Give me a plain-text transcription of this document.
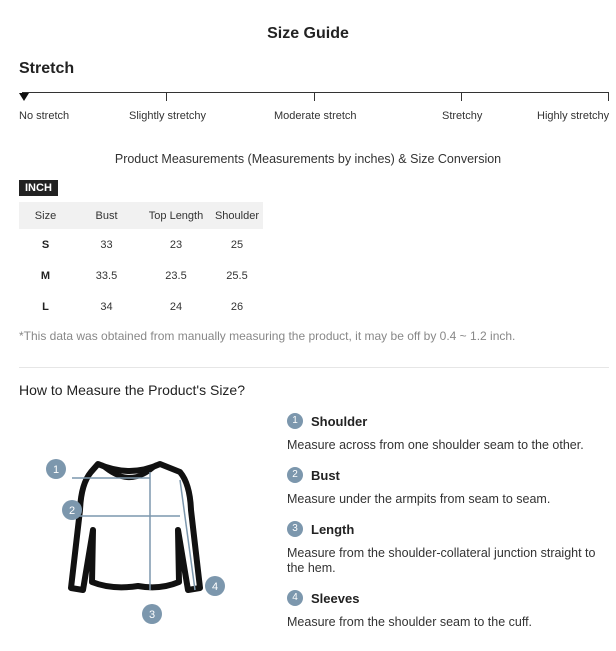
Size Guide
Stretch
No stretch	Slightly stretchy	Moderate stretch	Stretchy	Highly stretchy
Product Measurements (Measurements by inches) & Size Conversion
INCH
Size	Bust	Top Length	Shoulder
S	33	23	25
M	33.5	23.5	25.5
L	34	24	26
*This data was obtained from manually measuring the product, it may be off by 0.4 ~ 1.2 inch.
How to Measure the Product's Size?
1
2
3
4
1	Shoulder
Measure across from one shoulder seam to the other.
2	Bust
Measure under the armpits from seam to seam.
3	Length
Measure from the shoulder-collateral junction straight to the hem.
4	Sleeves
Measure from the shoulder seam to the cuff.
